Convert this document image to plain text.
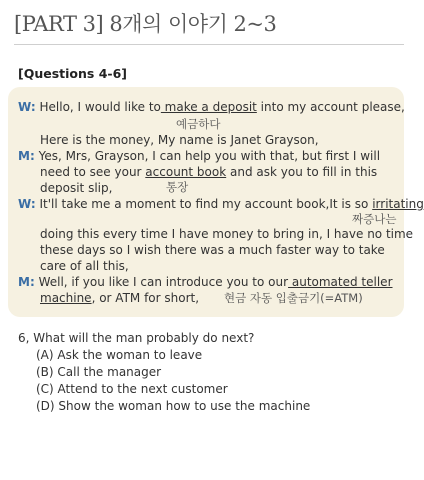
[PART 3] 8개의 이야기 2~3
[Questions 4-6]
W: Hello, I would like to make a deposit into my account please,
예금하다
Here is the money, My name is Janet Grayson,
M: Yes, Mrs, Grayson, I can help you with that, but first I will
need to see your account book and ask you to fill in this
deposit slip,	통장
W: It'll take me a moment to find my account book,It is so irritating
짜증나는
doing this every time I have money to bring in, I have no time
these days so I wish there was a much faster way to take
care of all this,
M: Well, if you like I can introduce you to our automated teller
machine, or ATM for short, 현금 자동 입출금기(=ATM)
6, What will the man probably do next?
(A) Ask the woman to leave
(B) Call the manager
(C) Attend to the next customer
(D) Show the woman how to use the machine
